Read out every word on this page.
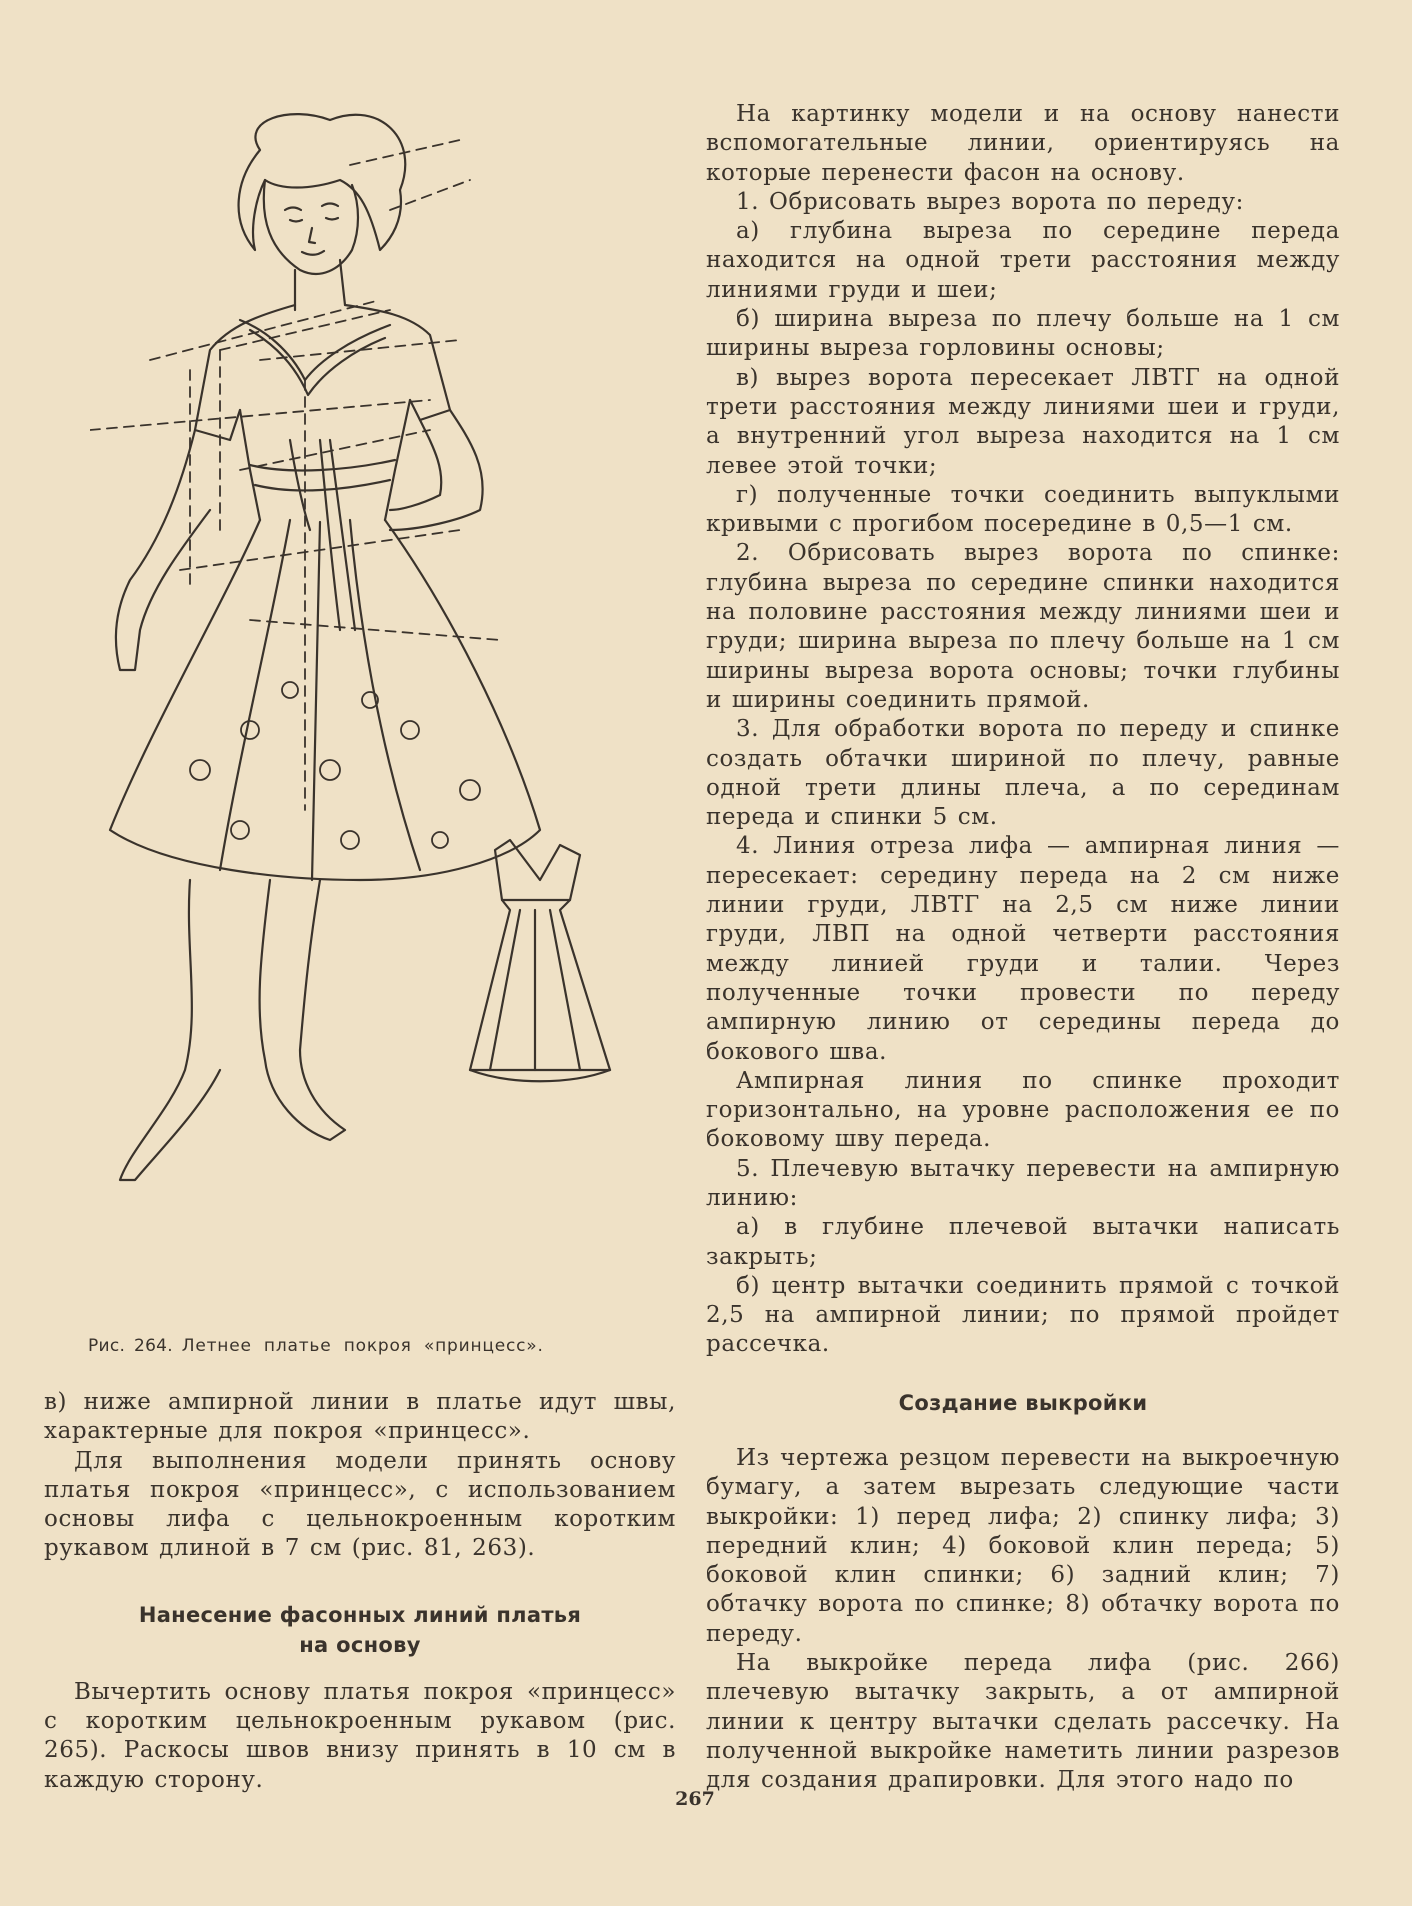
Рис. 264. Летнее платье покроя «принцесс».

в) ниже ампирной линии в платье идут швы, характерные для покроя «принцесс».

Для выполнения модели принять основу платья покроя «принцесс», с использованием основы лифа с цельнокроенным коротким рукавом длиной в 7 см (рис. 81, 263).

Нанесение фасонных линий платья на основу

Вычертить основу платья покроя «принцесс» с коротким цельнокроенным рукавом (рис. 265). Раскосы швов внизу принять в 10 см в каждую сторону.

На картинку модели и на основу нанести вспомогательные линии, ориентируясь на которые перенести фасон на основу.

1. Обрисовать вырез ворота по переду:

а) глубина выреза по середине переда находится на одной трети расстояния между линиями груди и шеи;

б) ширина выреза по плечу больше на 1 см ширины выреза горловины основы;

в) вырез ворота пересекает ЛВТГ на одной трети расстояния между линиями шеи и груди, а внутренний угол выреза находится на 1 см левее этой точки;

г) полученные точки соединить выпуклыми кривыми с прогибом посередине в 0,5—1 см.

2. Обрисовать вырез ворота по спинке: глубина выреза по середине спинки находится на половине расстояния между линиями шеи и груди; ширина выреза по плечу больше на 1 см ширины выреза ворота основы; точки глубины и ширины соединить прямой.

3. Для обработки ворота по переду и спинке создать обтачки шириной по плечу, равные одной трети длины плеча, а по серединам переда и спинки 5 см.

4. Линия отреза лифа — ампирная линия — пересекает: середину переда на 2 см ниже линии груди, ЛВТГ на 2,5 см ниже линии груди, ЛВП на одной четверти расстояния между линией груди и талии. Через полученные точки провести по переду ампирную линию от середины переда до бокового шва.

Ампирная линия по спинке проходит горизонтально, на уровне расположения ее по боковому шву переда.

5. Плечевую вытачку перевести на ампирную линию:

а) в глубине плечевой вытачки написать закрыть;

б) центр вытачки соединить прямой с точкой 2,5 на ампирной линии; по прямой пройдет рассечка.

Создание выкройки

Из чертежа резцом перевести на выкроечную бумагу, а затем вырезать следующие части выкройки: 1) перед лифа; 2) спинку лифа; 3) передний клин; 4) боковой клин переда; 5) боковой клин спинки; 6) задний клин; 7) обтачку ворота по спинке; 8) обтачку ворота по переду.

На выкройке переда лифа (рис. 266) плечевую вытачку закрыть, а от ампирной линии к центру вытачки сделать рассечку. На полученной выкройке наметить линии разрезов для создания драпировки. Для этого надо по

267
